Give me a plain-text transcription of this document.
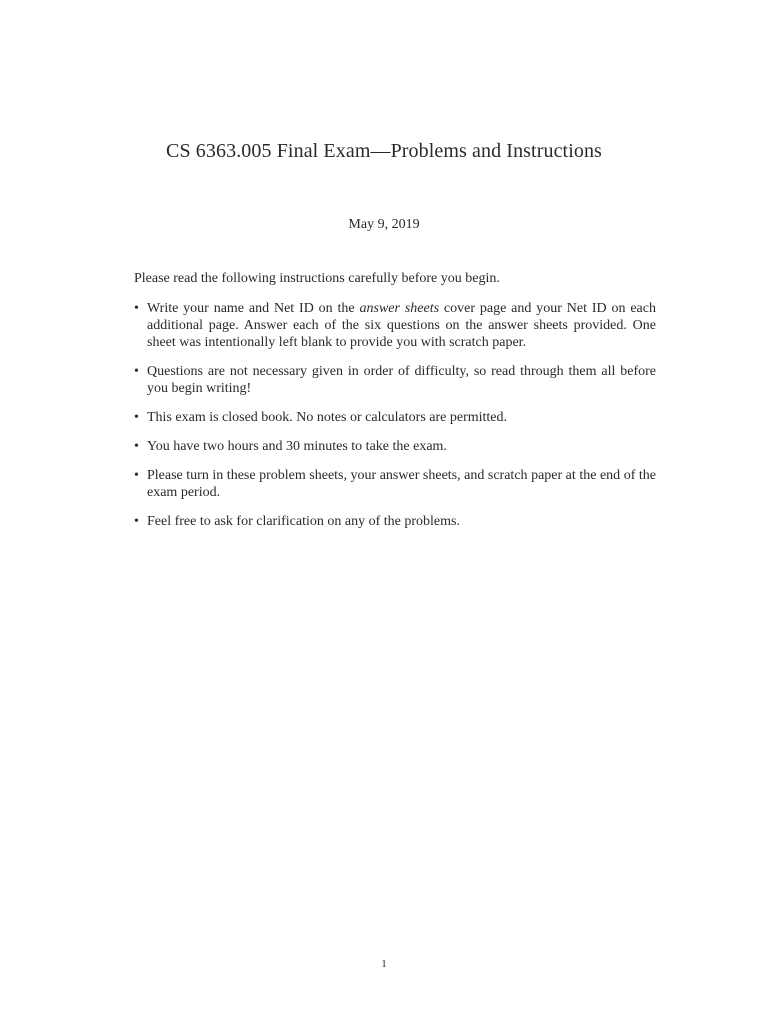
CS 6363.005 Final Exam—Problems and Instructions
May 9, 2019

Please read the following instructions carefully before you begin.

• Write your name and Net ID on the answer sheets cover page and your Net ID on each additional page. Answer each of the six questions on the answer sheets provided. One sheet was intentionally left blank to provide you with scratch paper.
• Questions are not necessary given in order of difficulty, so read through them all before you begin writing!
• This exam is closed book. No notes or calculators are permitted.
• You have two hours and 30 minutes to take the exam.
• Please turn in these problem sheets, your answer sheets, and scratch paper at the end of the exam period.
• Feel free to ask for clarification on any of the problems.
1
